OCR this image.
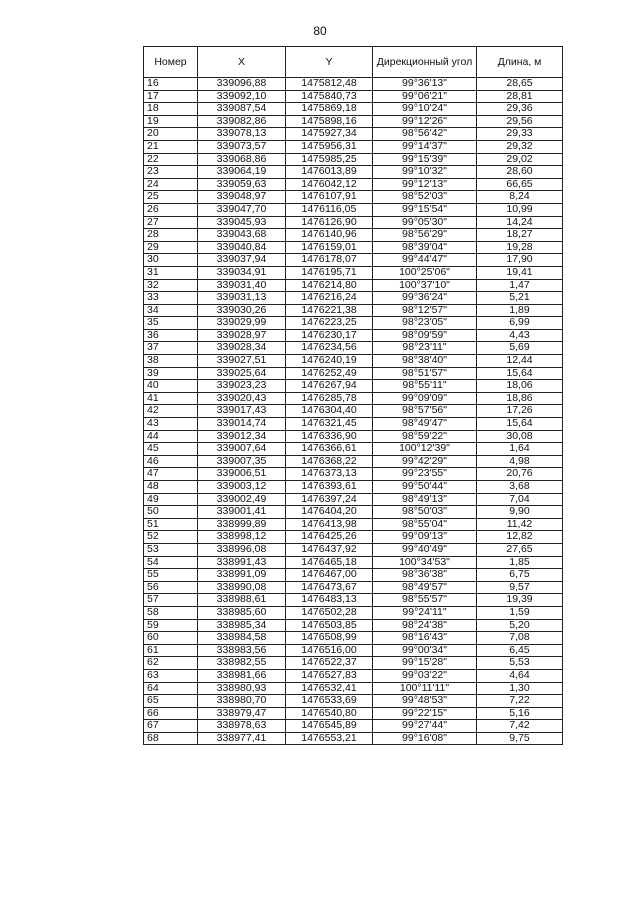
80
Номер	X	Y	Дирекционный угол	Длина, м
16	339096,88	1475812,48	99°36'13"	28,65
17	339092,10	1475840,73	99°06'21"	28,81
18	339087,54	1475869,18	99°10'24"	29,36
19	339082,86	1475898,16	99°12'26"	29,56
20	339078,13	1475927,34	98°56'42"	29,33
21	339073,57	1475956,31	99°14'37"	29,32
22	339068,86	1475985,25	99°15'39"	29,02
23	339064,19	1476013,89	99°10'32"	28,60
24	339059,63	1476042,12	99°12'13"	66,65
25	339048,97	1476107,91	98°52'03"	8,24
26	339047,70	1476116,05	99°15'54"	10,99
27	339045,93	1476126,90	99°05'30"	14,24
28	339043,68	1476140,96	98°56'29"	18,27
29	339040,84	1476159,01	98°39'04"	19,28
30	339037,94	1476178,07	99°44'47"	17,90
31	339034,91	1476195,71	100°25'06"	19,41
32	339031,40	1476214,80	100°37'10"	1,47
33	339031,13	1476216,24	99°36'24"	5,21
34	339030,26	1476221,38	98°12'57"	1,89
35	339029,99	1476223,25	98°23'05"	6,99
36	339028,97	1476230,17	98°09'59"	4,43
37	339028,34	1476234,56	98°23'11"	5,69
38	339027,51	1476240,19	98°38'40"	12,44
39	339025,64	1476252,49	98°51'57"	15,64
40	339023,23	1476267,94	98°55'11"	18,06
41	339020,43	1476285,78	99°09'09"	18,86
42	339017,43	1476304,40	98°57'56"	17,26
43	339014,74	1476321,45	98°49'47"	15,64
44	339012,34	1476336,90	98°59'22"	30,08
45	339007,64	1476366,61	100°12'39"	1,64
46	339007,35	1476368,22	99°42'29"	4,98
47	339006,51	1476373,13	99°23'55"	20,76
48	339003,12	1476393,61	99°50'44"	3,68
49	339002,49	1476397,24	98°49'13"	7,04
50	339001,41	1476404,20	98°50'03"	9,90
51	338999,89	1476413,98	98°55'04"	11,42
52	338998,12	1476425,26	99°09'13"	12,82
53	338996,08	1476437,92	99°40'49"	27,65
54	338991,43	1476465,18	100°34'53"	1,85
55	338991,09	1476467,00	98°36'38"	6,75
56	338990,08	1476473,67	98°49'57"	9,57
57	338988,61	1476483,13	98°55'57"	19,39
58	338985,60	1476502,28	99°24'11"	1,59
59	338985,34	1476503,85	98°24'38"	5,20
60	338984,58	1476508,99	98°16'43"	7,08
61	338983,56	1476516,00	99°00'34"	6,45
62	338982,55	1476522,37	99°15'28"	5,53
63	338981,66	1476527,83	99°03'22"	4,64
64	338980,93	1476532,41	100°11'11"	1,30
65	338980,70	1476533,69	99°48'53"	7,22
66	338979,47	1476540,80	99°22'15"	5,16
67	338978,63	1476545,89	99°27'44"	7,42
68	338977,41	1476553,21	99°16'08"	9,75
